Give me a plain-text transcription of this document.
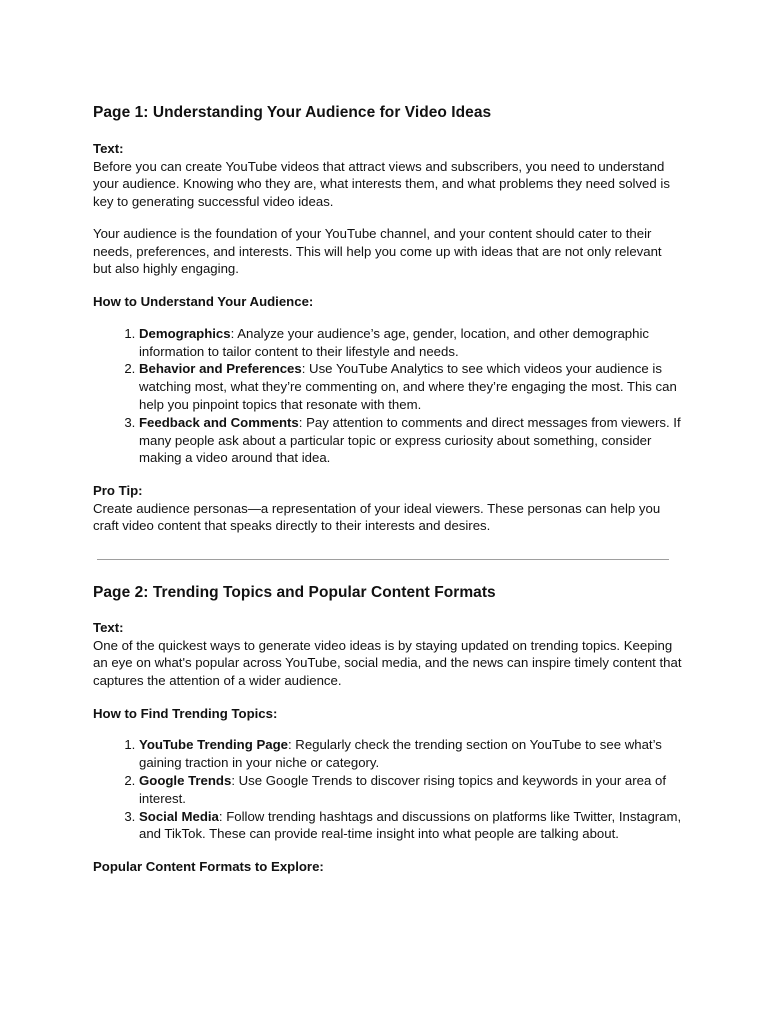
Page 1: Understanding Your Audience for Video Ideas
Text:

Before you can create YouTube videos that attract views and subscribers, you need to understand your audience. Knowing who they are, what interests them, and what problems they need solved is key to generating successful video ideas.

Your audience is the foundation of your YouTube channel, and your content should cater to their needs, preferences, and interests. This will help you come up with ideas that are not only relevant but also highly engaging.

How to Understand Your Audience:
1. Demographics: Analyze your audience’s age, gender, location, and other demographic information to tailor content to their lifestyle and needs.
2. Behavior and Preferences: Use YouTube Analytics to see which videos your audience is watching most, what they’re commenting on, and where they’re engaging the most. This can help you pinpoint topics that resonate with them.
3. Feedback and Comments: Pay attention to comments and direct messages from viewers. If many people ask about a particular topic or express curiosity about something, consider making a video around that idea.
Pro Tip:

Create audience personas—a representation of your ideal viewers. These personas can help you craft video content that speaks directly to their interests and desires.

Page 2: Trending Topics and Popular Content Formats
Text:

One of the quickest ways to generate video ideas is by staying updated on trending topics. Keeping an eye on what's popular across YouTube, social media, and the news can inspire timely content that captures the attention of a wider audience.

How to Find Trending Topics:
1. YouTube Trending Page: Regularly check the trending section on YouTube to see what’s gaining traction in your niche or category.
2. Google Trends: Use Google Trends to discover rising topics and keywords in your area of interest.
3. Social Media: Follow trending hashtags and discussions on platforms like Twitter, Instagram, and TikTok. These can provide real-time insight into what people are talking about.
Popular Content Formats to Explore:
